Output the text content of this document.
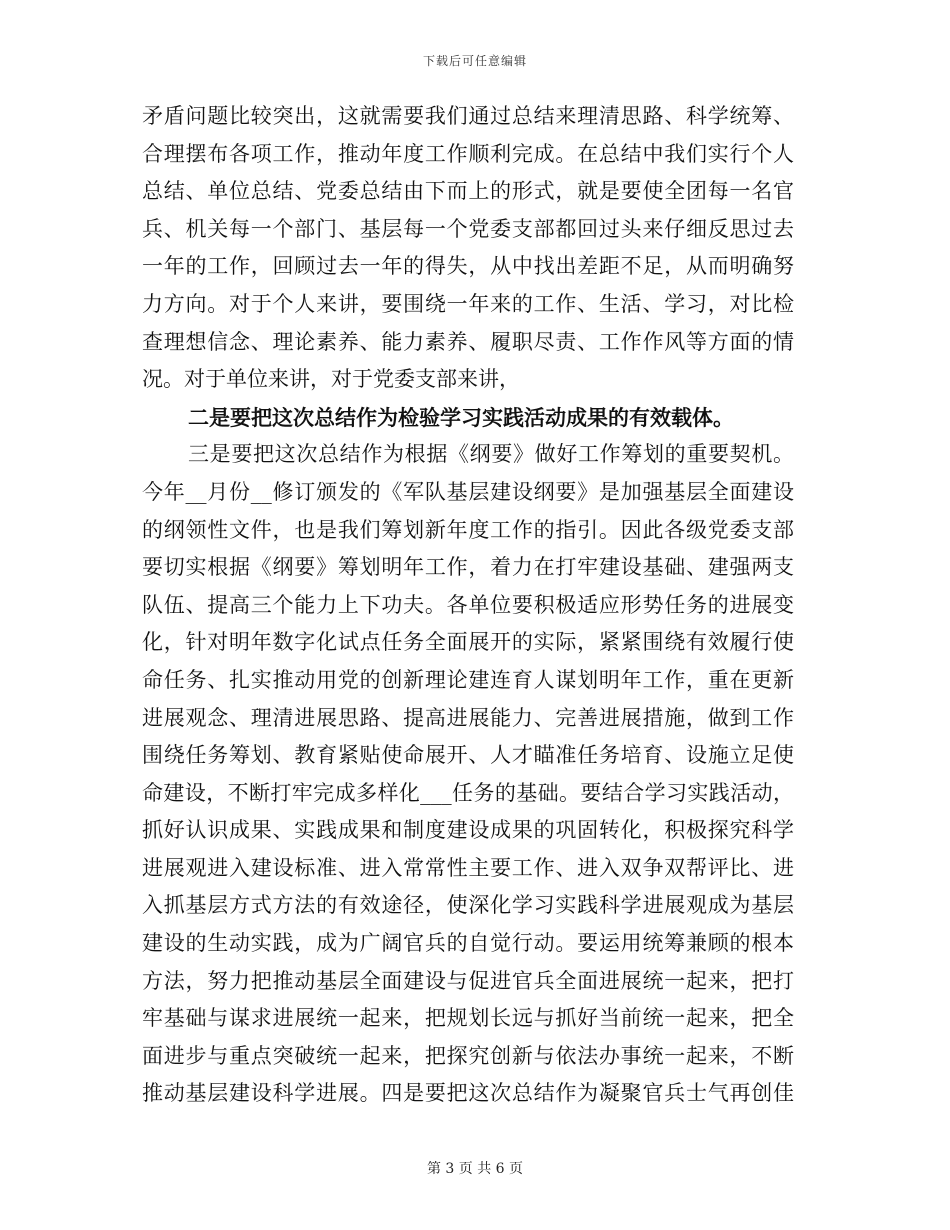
下载后可任意编辑
矛盾问题比较突出，这就需要我们通过总结来理清思路、科学统筹、
合理摆布各项工作，推动年度工作顺利完成。在总结中我们实行个人
总结、单位总结、党委总结由下而上的形式，就是要使全团每一名官
兵、机关每一个部门、基层每一个党委支部都回过头来仔细反思过去
一年的工作，回顾过去一年的得失，从中找出差距不足，从而明确努
力方向。对于个人来讲，要围绕一年来的工作、生活、学习，对比检
查理想信念、理论素养、能力素养、履职尽责、工作作风等方面的情
况。对于单位来讲，对于党委支部来讲，
二是要把这次总结作为检验学习实践活动成果的有效载体。
三是要把这次总结作为根据《纲要》做好工作筹划的重要契机。
今年__月份__修订颁发的《军队基层建设纲要》是加强基层全面建设
的纲领性文件，也是我们筹划新年度工作的指引。因此各级党委支部
要切实根据《纲要》筹划明年工作，着力在打牢建设基础、建强两支
队伍、提高三个能力上下功夫。各单位要积极适应形势任务的进展变
化，针对明年数字化试点任务全面展开的实际，紧紧围绕有效履行使
命任务、扎实推动用党的创新理论建连育人谋划明年工作，重在更新
进展观念、理清进展思路、提高进展能力、完善进展措施，做到工作
围绕任务筹划、教育紧贴使命展开、人才瞄准任务培育、设施立足使
命建设，不断打牢完成多样化___任务的基础。要结合学习实践活动，
抓好认识成果、实践成果和制度建设成果的巩固转化，积极探究科学
进展观进入建设标准、进入常常性主要工作、进入双争双帮评比、进
入抓基层方式方法的有效途径，使深化学习实践科学进展观成为基层
建设的生动实践，成为广阔官兵的自觉行动。要运用统筹兼顾的根本
方法，努力把推动基层全面建设与促进官兵全面进展统一起来，把打
牢基础与谋求进展统一起来，把规划长远与抓好当前统一起来，把全
面进步与重点突破统一起来，把探究创新与依法办事统一起来，不断
推动基层建设科学进展。四是要把这次总结作为凝聚官兵士气再创佳
第 3 页 共 6 页
